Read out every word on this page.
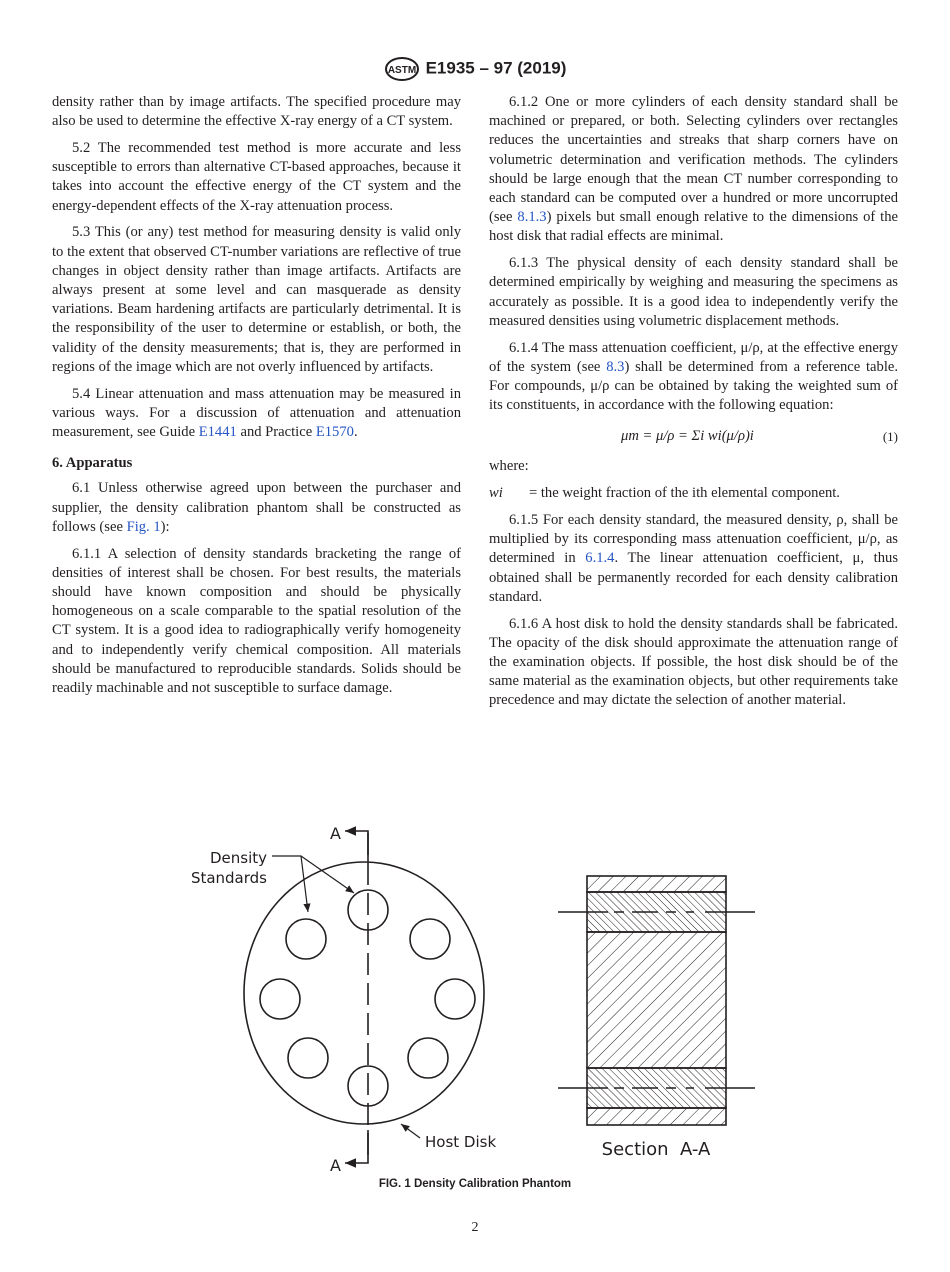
ASTM E1935 – 97 (2019)

density rather than by image artifacts. The specified procedure may also be used to determine the effective X-ray energy of a CT system.

5.2 The recommended test method is more accurate and less susceptible to errors than alternative CT-based approaches, because it takes into account the effective energy of the CT system and the energy-dependent effects of the X-ray attenuation process.

5.3 This (or any) test method for measuring density is valid only to the extent that observed CT-number variations are reflective of true changes in object density rather than image artifacts. Artifacts are always present at some level and can masquerade as density variations. Beam hardening artifacts are particularly detrimental. It is the responsibility of the user to determine or establish, or both, the validity of the density measurements; that is, they are performed in regions of the image which are not overly influenced by artifacts.

5.4 Linear attenuation and mass attenuation may be measured in various ways. For a discussion of attenuation and attenuation measurement, see Guide E1441 and Practice E1570.

6. Apparatus

6.1 Unless otherwise agreed upon between the purchaser and supplier, the density calibration phantom shall be constructed as follows (see Fig. 1):

6.1.1 A selection of density standards bracketing the range of densities of interest shall be chosen. For best results, the materials should have known composition and should be physically homogeneous on a scale comparable to the spatial resolution of the CT system. It is a good idea to radiographically verify homogeneity and to independently verify chemical composition. All materials should be manufactured to reproducible standards. Solids should be readily machinable and not susceptible to surface damage.

6.1.2 One or more cylinders of each density standard shall be machined or prepared, or both. Selecting cylinders over rectangles reduces the uncertainties and streaks that sharp corners have on volumetric determination and verification methods. The cylinders should be large enough that the mean CT number corresponding to each standard can be computed over a hundred or more uncorrupted (see 8.1.3) pixels but small enough relative to the dimensions of the host disk that radial effects are minimal.

6.1.3 The physical density of each density standard shall be determined empirically by weighing and measuring the specimens as accurately as possible. It is a good idea to independently verify the measured densities using volumetric displacement methods.

6.1.4 The mass attenuation coefficient, μ/ρ, at the effective energy of the system (see 8.3) shall be determined from a reference table. For compounds, μ/ρ can be obtained by taking the weighted sum of its constituents, in accordance with the following equation:

μm = μ/ρ = Σi wi(μ/ρ)i	(1)

where:

wi	= the weight fraction of the ith elemental component.

6.1.5 For each density standard, the measured density, ρ, shall be multiplied by its corresponding mass attenuation coefficient, μ/ρ, as determined in 6.1.4. The linear attenuation coefficient, μ, thus obtained shall be permanently recorded for each density calibration standard.

6.1.6 A host disk to hold the density standards shall be fabricated. The opacity of the disk should approximate the attenuation range of the examination objects. If possible, the host disk should be of the same material as the examination objects, but other requirements take precedence and may dictate the selection of another material.

A
A
Density
Standards
Host Disk	Section  A-A
FIG. 1 Density Calibration Phantom
2
